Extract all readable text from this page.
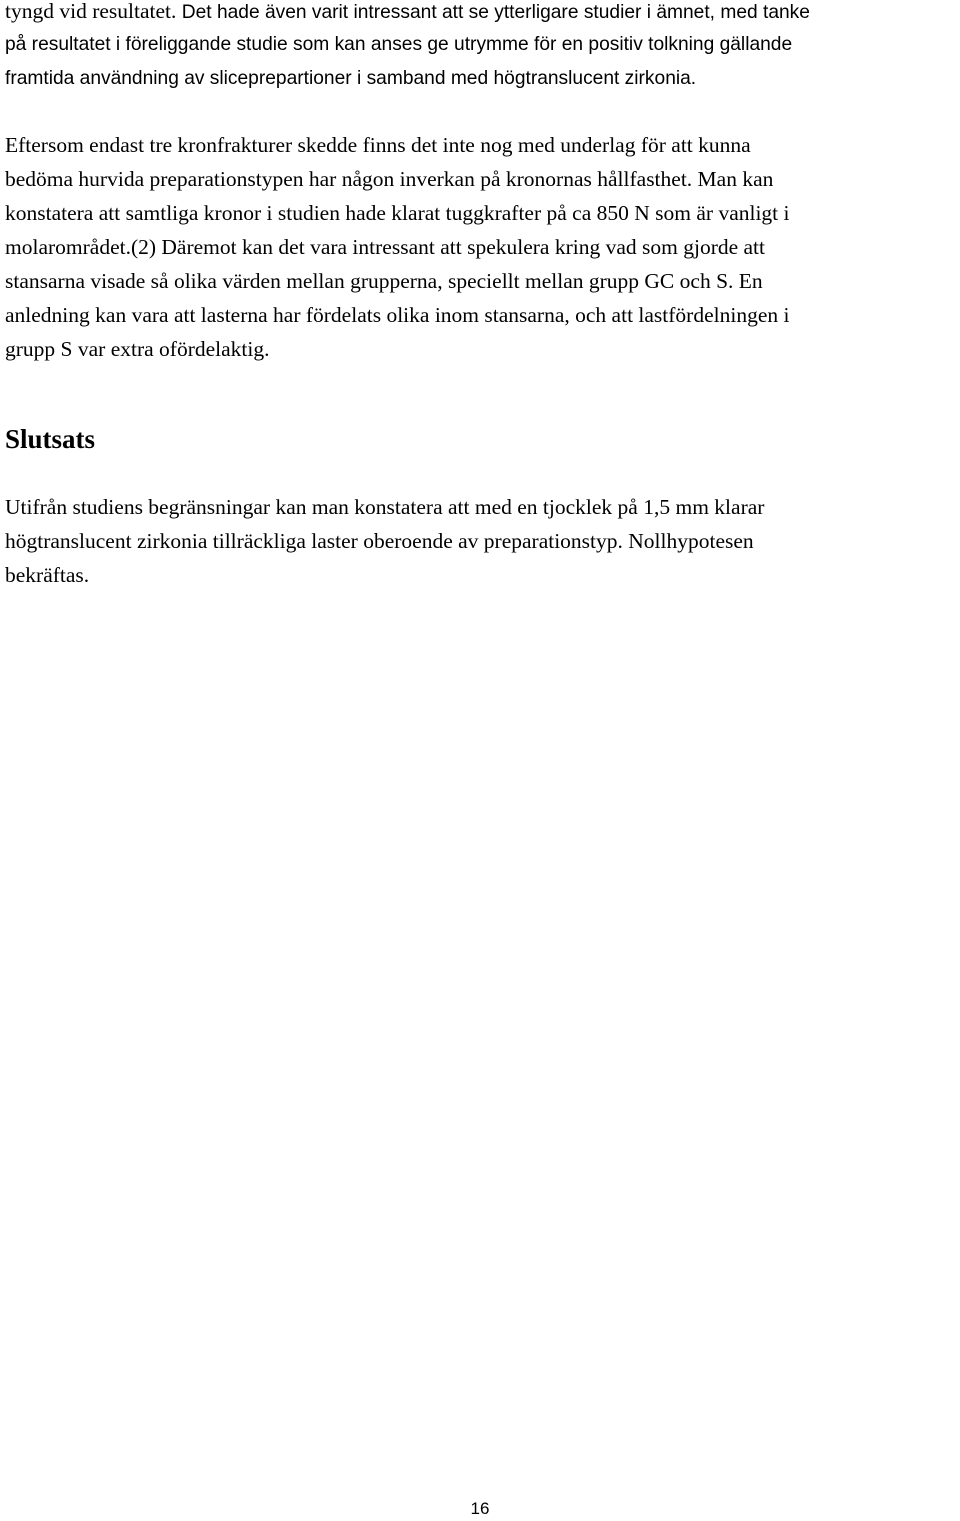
tyngd vid resultatet. Det hade även varit intressant att se ytterligare studier i ämnet, med tanke
på resultatet i föreliggande studie som kan anses ge utrymme för en positiv tolkning gällande
framtida användning av sliceprepartioner i samband med högtranslucent zirkonia.

Eftersom endast tre kronfrakturer skedde finns det inte nog med underlag för att kunna
bedöma hurvida preparationstypen har någon inverkan på kronornas hållfasthet. Man kan
konstatera att samtliga kronor i studien hade klarat tuggkrafter på ca 850 N som är vanligt i
molarområdet.(2) Däremot kan det vara intressant att spekulera kring vad som gjorde att
stansarna visade så olika värden mellan grupperna, speciellt mellan grupp GC och S. En
anledning kan vara att lasterna har fördelats olika inom stansarna, och att lastfördelningen i
grupp S var extra ofördelaktig.

Slutsats

Utifrån studiens begränsningar kan man konstatera att med en tjocklek på 1,5 mm klarar
högtranslucent zirkonia tillräckliga laster oberoende av preparationstyp. Nollhypotesen
bekräftas.

16
